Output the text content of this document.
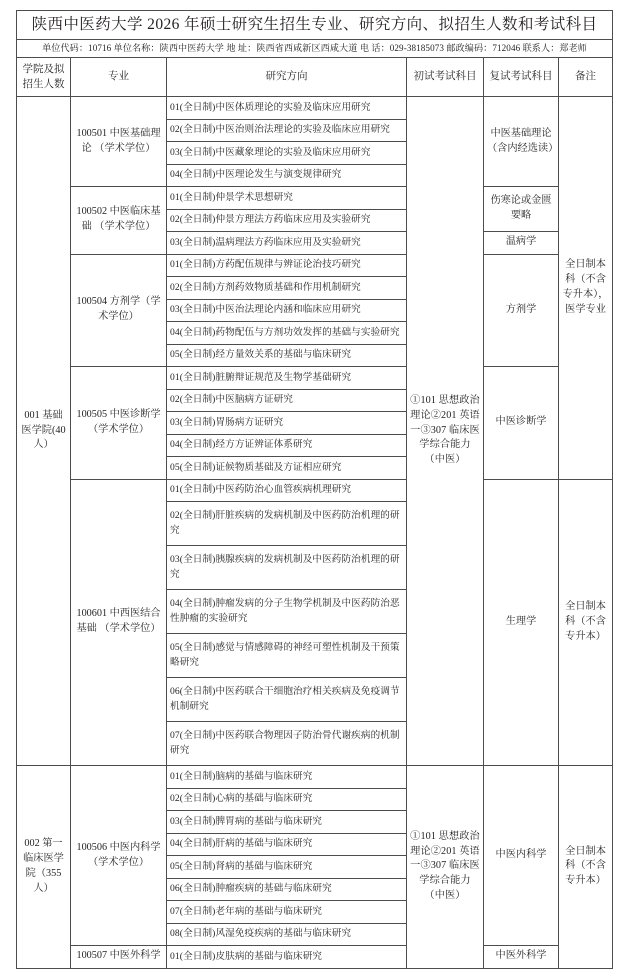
陕西中医药大学 2026 年硕士研究生招生专业、研究方向、拟招生人数和考试科目					
单位代码：10716 单位名称：陕西中医药大学 地 址：陕西省西咸新区西咸大道 电 话：029-38185073 邮政编码：712046 联系人：郑老师					
学院及拟招生人数	专业	研究方向	初试考试科目	复试考试科目	备注
001 基础医学院(40 人）	100501 中医基础理论 （学术学位）	01(全日制)中医体质理论的实验及临床应用研究	①101 思想政治理论②201 英语一③307 临床医学综合能力（中医）	中医基础理论（含内经选读）	全日制本科（不含专升本），医学专业
		02(全日制)中医治则治法理论的实验及临床应用研究			
		03(全日制)中医藏象理论的实验及临床应用研究			
		04(全日制)中医理论发生与演变规律研究			
	100502 中医临床基础 （学术学位）	01(全日制)仲景学术思想研究		伤寒论或金匮要略	
		02(全日制)仲景方理法方药临床应用及实验研究			
		03(全日制)温病理法方药临床应用及实验研究		温病学	
	100504 方剂学（学术学位）	01(全日制)方药配伍规律与辨证论治技巧研究		方剂学	
		02(全日制)方剂药效物质基础和作用机制研究			
		03(全日制)中医治法理论内涵和临床应用研究			
		04(全日制)药物配伍与方剂功效发挥的基础与实验研究			
		05(全日制)经方量效关系的基础与临床研究			
	100505 中医诊断学（学术学位）	01(全日制)脏腑辩证规范及生物学基础研究		中医诊断学	
		02(全日制)中医脑病方证研究			
		03(全日制)胃肠病方证研究			
		04(全日制)经方方证辨证体系研究			
		05(全日制)证候物质基础及方证相应研究			
	100601 中西医结合基础 （学术学位）	01(全日制)中医药防治心血管疾病机理研究		生理学	全日制本科（不含专升本）
		02(全日制)肝脏疾病的发病机制及中医药防治机理的研究			
		03(全日制)胰腺疾病的发病机制及中医药防治机理的研究			
		04(全日制)肿瘤发病的分子生物学机制及中医药防治恶性肿瘤的实验研究			
		05(全日制)感觉与情感障碍的神经可塑性机制及干预策略研究			
		06(全日制)中医药联合干细胞治疗相关疾病及免疫调节机制研究			
		07(全日制)中医药联合物理因子防治骨代谢疾病的机制研究			
002 第一临床医学院（355 人）	100506 中医内科学（学术学位）	01(全日制)脑病的基础与临床研究	①101 思想政治理论②201 英语一③307 临床医学综合能力（中医）	中医内科学	全日制本科（不含专升本）
		02(全日制)心病的基础与临床研究			
		03(全日制)脾胃病的基础与临床研究			
		04(全日制)肝病的基础与临床研究			
		05(全日制)肾病的基础与临床研究			
		06(全日制)肿瘤疾病的基础与临床研究			
		07(全日制)老年病的基础与临床研究			
		08(全日制)风湿免疫疾病的基础与临床研究			
	100507 中医外科学	01(全日制)皮肤病的基础与临床研究		中医外科学	
